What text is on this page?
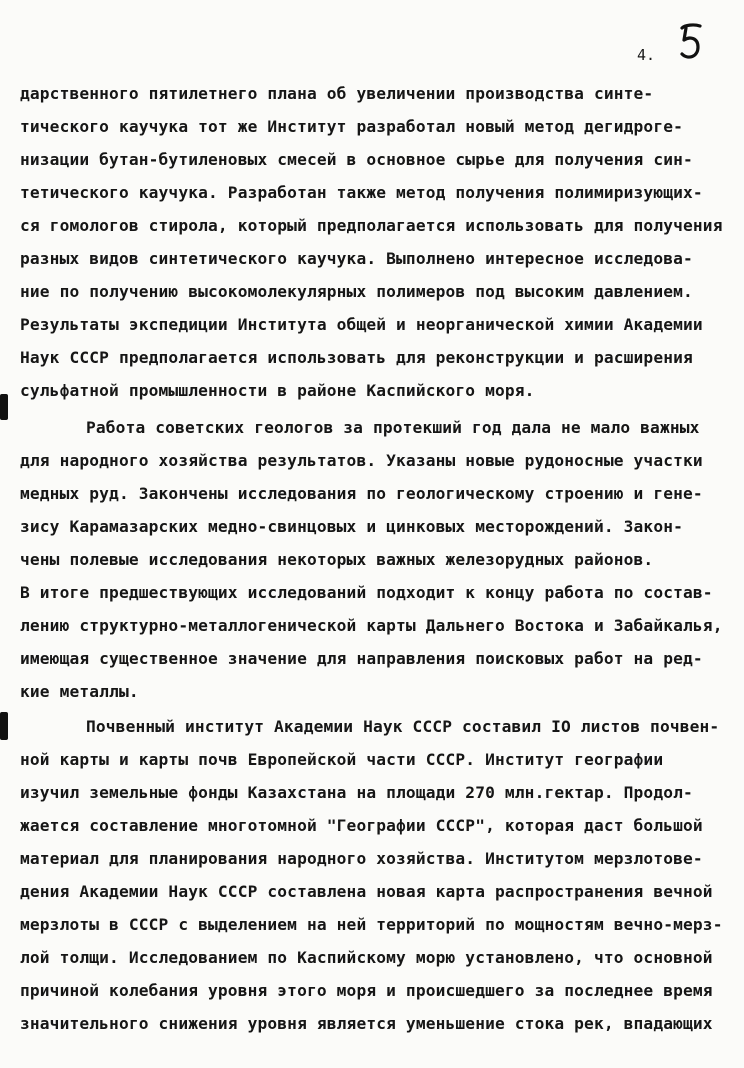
4.
дарственного пятилетнего плана об увеличении производства синте-
тического каучука тот же Институт разработал новый метод дегидроге-
низации бутан-бутиленовых смесей в основное сырье для получения син-
тетического каучука. Разработан также метод получения полимиризующих-
ся гомологов стирола, который предполагается использовать для получения
разных видов синтетического каучука. Выполнено интересное исследова-
ние по получению высокомолекулярных полимеров под высоким давлением.
Результаты экспедиции Института общей и неорганической химии Академии
Наук СССР предполагается использовать для реконструкции и расширения
сульфатной промышленности в районе Каспийского моря.
Работа советских геологов за протекший год дала не мало важных
для народного хозяйства результатов. Указаны новые рудоносные участки
медных руд. Закончены исследования по геологическому строению и гене-
зису Карамазарских медно-свинцовых и цинковых месторождений. Закон-
чены полевые исследования некоторых важных железорудных районов.
В итоге предшествующих исследований подходит к концу работа по состав-
лению структурно-металлогенической карты Дальнего Востока и Забайкалья,
имеющая существенное значение для направления поисковых работ на ред-
кие металлы.
Почвенный институт Академии Наук СССР составил IO листов почвен-
ной карты и карты почв Европейской части СССР. Институт географии
изучил земельные фонды Казахстана на площади 270 млн.гектар. Продол-
жается составление многотомной "Географии СССР", которая даст большой
материал для планирования народного хозяйства. Институтом мерзлотове-
дения Академии Наук СССР составлена новая карта распространения вечной
мерзлоты в СССР с выделением на ней территорий по мощностям вечно-мерз-
лой толщи. Исследованием по Каспийскому морю установлено, что основной
причиной колебания уровня этого моря и происшедшего за последнее время
значительного снижения уровня является уменьшение стока рек, впадающих
